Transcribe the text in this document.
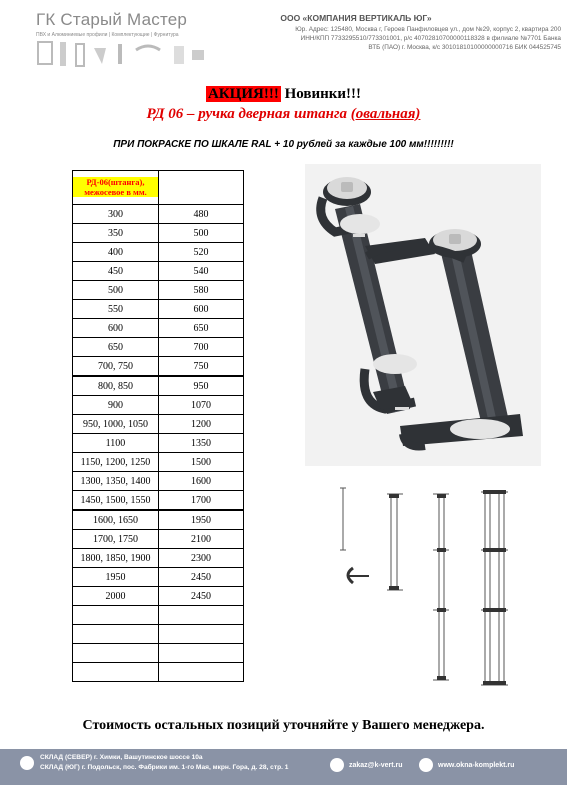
ГК Старый Мастер
ПВХ и Алюминиевые профили | Комплектующие | Фурнитура
ООО «КОМПАНИЯ ВЕРТИКАЛЬ ЮГ»
Юр. Адрес: 125480, Москва г, Героев Панфиловцев ул., дом №29, корпус 2, квартира 200
ИНН/КПП 7733295510/773301001, р/с 40702810700000118328 в филиале №7701 Банка
ВТБ (ПАО) г. Москва, к/с 30101810100000000716 БИК 044525745
АКЦИЯ!!! Новинки!!!
РД 06 – ручка дверная штанга (овальная)
ПРИ ПОКРАСКЕ ПО ШКАЛЕ RAL + 10 рублей за каждые 100 мм!!!!!!!!!
РД-06(штанга), межосевое в мм.	
300	480
350	500
400	520
450	540
500	580
550	600
600	650
650	700
700, 750	750
800, 850	950
900	1070
950, 1000, 1050	1200
1100	1350
1150, 1200, 1250	1500
1300, 1350, 1400	1600
1450, 1500, 1550	1700
1600, 1650	1950
1700, 1750	2100
1800, 1850, 1900	2300
1950	2450
2000	2450

Стоимость остальных позиций уточняйте у Вашего менеджера.
СКЛАД (СЕВЕР) г. Химки, Вашутинское шоссе 10а
СКЛАД (ЮГ) г. Подольск, пос. Фабрики им. 1-го Мая, мкрн. Гора, д. 28, стр. 1	zakaz@k-vert.ru	www.okna-komplekt.ru
